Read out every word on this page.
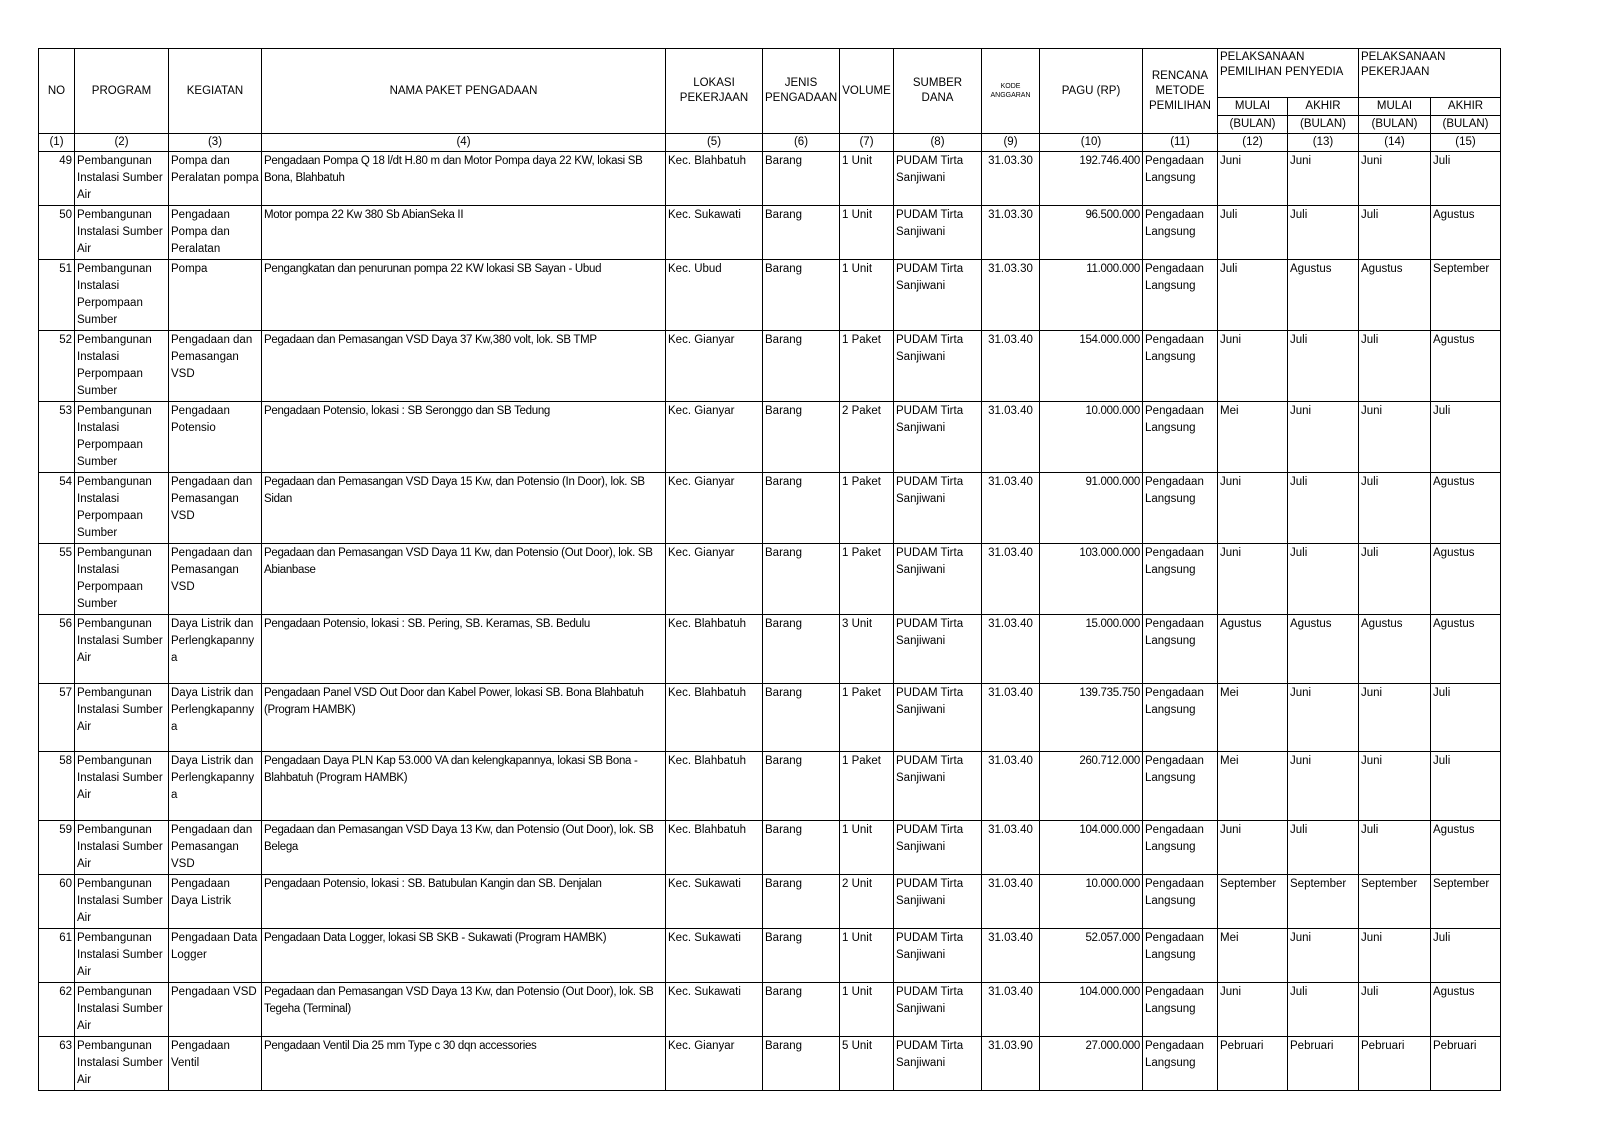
NO	PROGRAM	KEGIATAN	NAMA PAKET PENGADAAN	LOKASI PEKERJAAN	JENIS PENGADAAN	VOLUME	SUMBER DANA	KODE ANGGARAN	PAGU (RP)	RENCANA METODE PEMILIHAN	PELAKSANAAN PEMILIHAN PENYEDIA		PELAKSANAAN PEKERJAAN	
											MULAI	AKHIR	MULAI	AKHIR
											(BULAN)	(BULAN)	(BULAN)	(BULAN)
(1)	(2)	(3)	(4)	(5)	(6)	(7)	(8)	(9)	(10)	(11)	(12)	(13)	(14)	(15)
49	Pembangunan Instalasi Sumber Air	Pompa dan Peralatan pompa	Pengadaan Pompa Q 18 l/dt H.80 m dan Motor Pompa daya 22 KW, lokasi SB Bona, Blahbatuh	Kec. Blahbatuh	Barang	1 Unit	PUDAM Tirta Sanjiwani	31.03.30	192.746.400	Pengadaan Langsung	Juni	Juni	Juni	Juli
50	Pembangunan Instalasi Sumber Air	Pengadaan Pompa dan Peralatan	Motor pompa 22 Kw 380 Sb AbianSeka II	Kec. Sukawati	Barang	1 Unit	PUDAM Tirta Sanjiwani	31.03.30	96.500.000	Pengadaan Langsung	Juli	Juli	Juli	Agustus
51	Pembangunan Instalasi Perpompaan Sumber	Pompa	Pengangkatan dan penurunan pompa 22 KW lokasi SB Sayan - Ubud	Kec. Ubud	Barang	1 Unit	PUDAM Tirta Sanjiwani	31.03.30	11.000.000	Pengadaan Langsung	Juli	Agustus	Agustus	September
52	Pembangunan Instalasi Perpompaan Sumber	Pengadaan dan Pemasangan VSD	Pegadaan dan Pemasangan VSD Daya 37 Kw,380 volt, lok. SB TMP	Kec. Gianyar	Barang	1 Paket	PUDAM Tirta Sanjiwani	31.03.40	154.000.000	Pengadaan Langsung	Juni	Juli	Juli	Agustus
53	Pembangunan Instalasi Perpompaan Sumber	Pengadaan Potensio	Pengadaan Potensio, lokasi : SB Seronggo dan SB Tedung	Kec. Gianyar	Barang	2 Paket	PUDAM Tirta Sanjiwani	31.03.40	10.000.000	Pengadaan Langsung	Mei	Juni	Juni	Juli
54	Pembangunan Instalasi Perpompaan Sumber	Pengadaan dan Pemasangan VSD	Pegadaan dan Pemasangan VSD Daya 15 Kw, dan Potensio (In Door), lok. SB Sidan	Kec. Gianyar	Barang	1 Paket	PUDAM Tirta Sanjiwani	31.03.40	91.000.000	Pengadaan Langsung	Juni	Juli	Juli	Agustus
55	Pembangunan Instalasi Perpompaan Sumber	Pengadaan dan Pemasangan VSD	Pegadaan dan Pemasangan VSD Daya 11 Kw, dan Potensio (Out Door), lok. SB Abianbase	Kec. Gianyar	Barang	1 Paket	PUDAM Tirta Sanjiwani	31.03.40	103.000.000	Pengadaan Langsung	Juni	Juli	Juli	Agustus
56	Pembangunan Instalasi Sumber Air	Daya Listrik dan Perlengkapanny a	Pengadaan Potensio, lokasi : SB. Pering, SB. Keramas, SB. Bedulu	Kec. Blahbatuh	Barang	3 Unit	PUDAM Tirta Sanjiwani	31.03.40	15.000.000	Pengadaan Langsung	Agustus	Agustus	Agustus	Agustus
57	Pembangunan Instalasi Sumber Air	Daya Listrik dan Perlengkapanny a	Pengadaan Panel VSD Out Door dan Kabel Power, lokasi SB. Bona Blahbatuh (Program HAMBK)	Kec. Blahbatuh	Barang	1 Paket	PUDAM Tirta Sanjiwani	31.03.40	139.735.750	Pengadaan Langsung	Mei	Juni	Juni	Juli
58	Pembangunan Instalasi Sumber Air	Daya Listrik dan Perlengkapanny a	Pengadaan Daya PLN Kap 53.000 VA dan kelengkapannya, lokasi SB Bona - Blahbatuh (Program HAMBK)	Kec. Blahbatuh	Barang	1 Paket	PUDAM Tirta Sanjiwani	31.03.40	260.712.000	Pengadaan Langsung	Mei	Juni	Juni	Juli
59	Pembangunan Instalasi Sumber Air	Pengadaan dan Pemasangan VSD	Pegadaan dan Pemasangan VSD Daya 13 Kw, dan Potensio (Out Door), lok. SB Belega	Kec. Blahbatuh	Barang	1 Unit	PUDAM Tirta Sanjiwani	31.03.40	104.000.000	Pengadaan Langsung	Juni	Juli	Juli	Agustus
60	Pembangunan Instalasi Sumber Air	Pengadaan Daya Listrik	Pengadaan Potensio, lokasi : SB. Batubulan Kangin dan SB. Denjalan	Kec. Sukawati	Barang	2 Unit	PUDAM Tirta Sanjiwani	31.03.40	10.000.000	Pengadaan Langsung	September	September	September	September
61	Pembangunan Instalasi Sumber Air	Pengadaan Data Logger	Pengadaan Data Logger, lokasi SB SKB - Sukawati (Program HAMBK)	Kec. Sukawati	Barang	1 Unit	PUDAM Tirta Sanjiwani	31.03.40	52.057.000	Pengadaan Langsung	Mei	Juni	Juni	Juli
62	Pembangunan Instalasi Sumber Air	Pengadaan VSD	Pegadaan dan Pemasangan VSD Daya 13 Kw, dan Potensio (Out Door), lok. SB Tegeha (Terminal)	Kec. Sukawati	Barang	1 Unit	PUDAM Tirta Sanjiwani	31.03.40	104.000.000	Pengadaan Langsung	Juni	Juli	Juli	Agustus
63	Pembangunan Instalasi Sumber Air	Pengadaan Ventil	Pengadaan Ventil Dia 25 mm Type c 30 dqn accessories	Kec. Gianyar	Barang	5 Unit	PUDAM Tirta Sanjiwani	31.03.90	27.000.000	Pengadaan Langsung	Pebruari	Pebruari	Pebruari	Pebruari
